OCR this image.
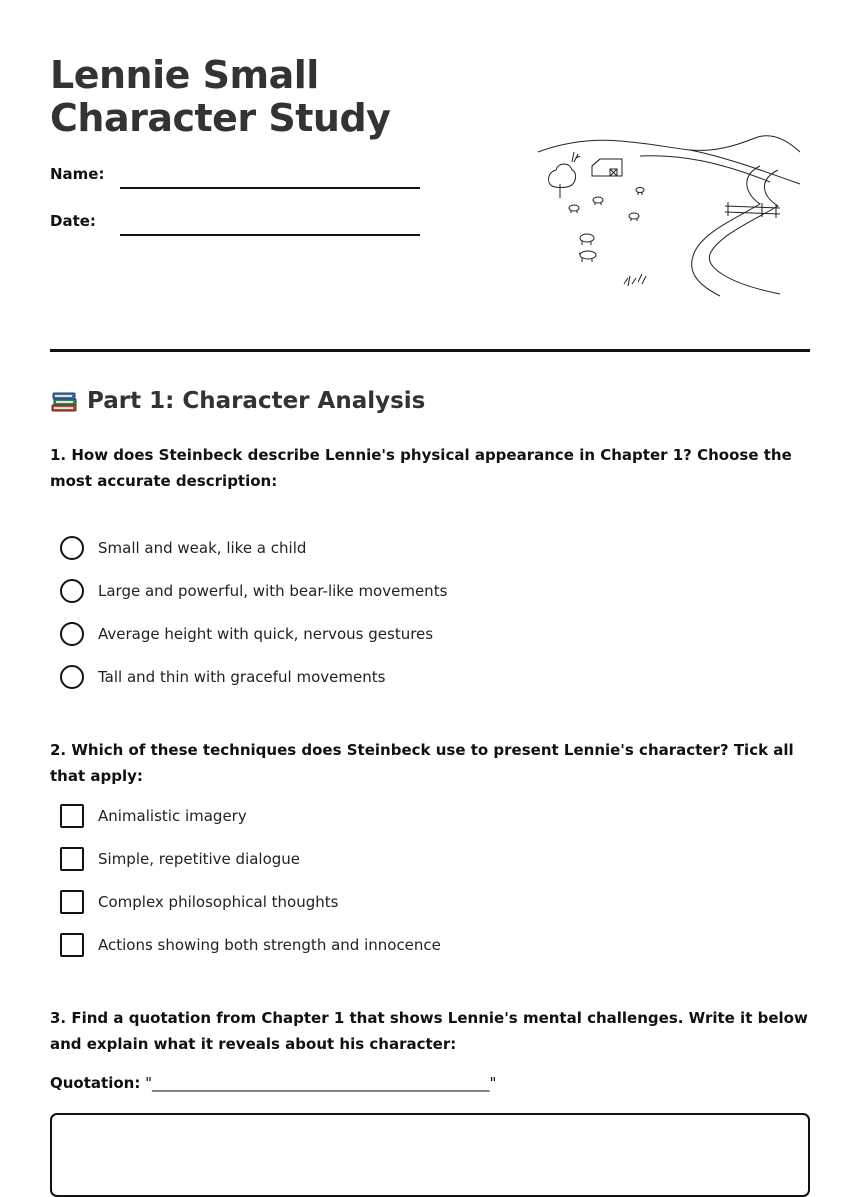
Lennie Small Character Study
Name:
Date:
Part 1: Character Analysis

1. How does Steinbeck describe Lennie's physical appearance in Chapter 1? Choose the most accurate description:

Small and weak, like a child
Large and powerful, with bear-like movements
Average height with quick, nervous gestures
Tall and thin with graceful movements

2. Which of these techniques does Steinbeck use to present Lennie's character? Tick all that apply:

Animalistic imagery
Simple, repetitive dialogue
Complex philosophical thoughts
Actions showing both strength and innocence

3. Find a quotation from Chapter 1 that shows Lennie's mental challenges. Write it below and explain what it reveals about his character:

Quotation: "_____________________________________________"
